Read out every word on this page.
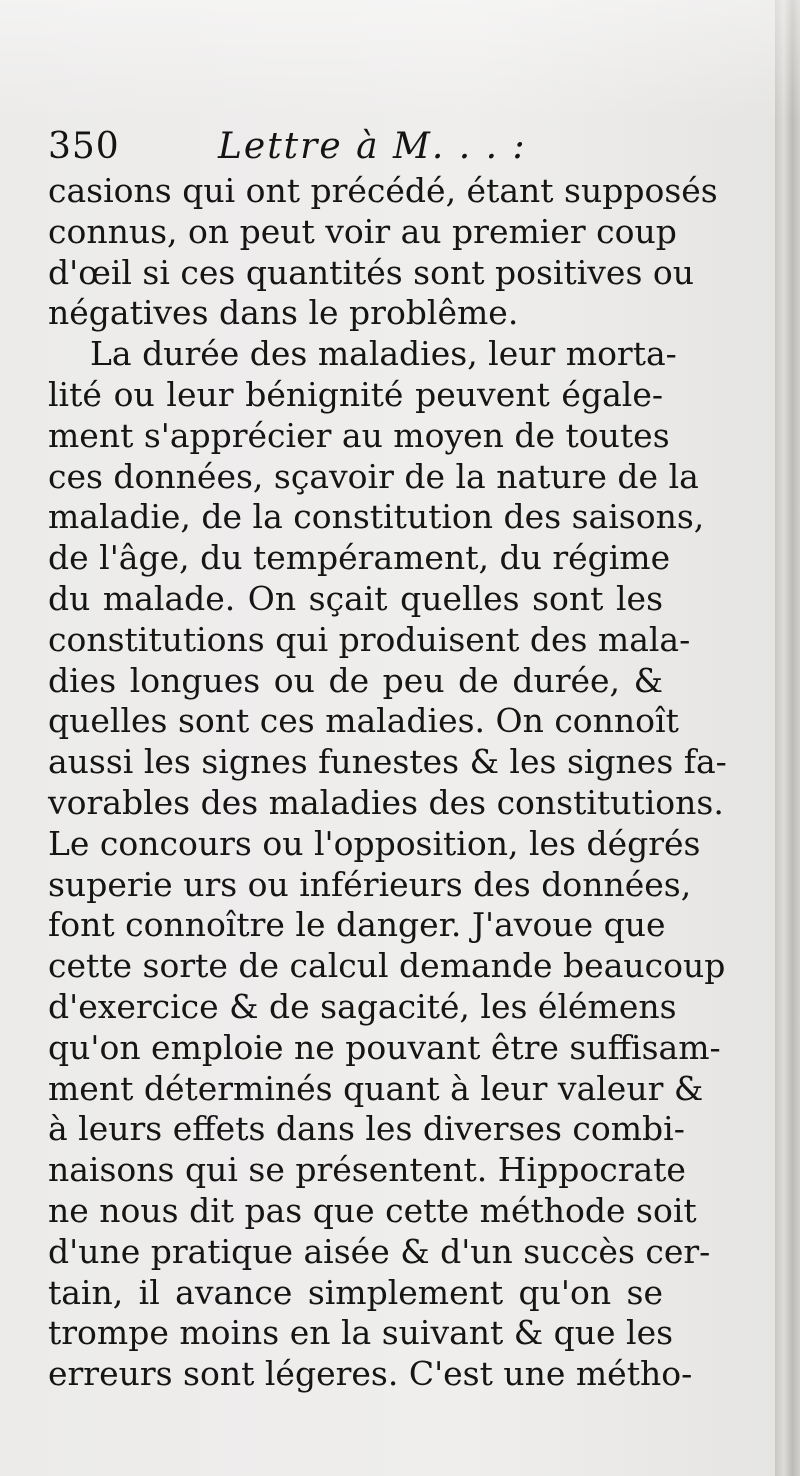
350	Lettre à M. . . :
casions qui ont précédé, étant supposés
connus, on peut voir au premier coup
d'œil si ces quantités sont positives ou
négatives dans le problême.
La durée des maladies, leur morta-
lité ou leur bénignité peuvent égale-
ment s'apprécier au moyen de toutes
ces données, sçavoir de la nature de la
maladie, de la constitution des saisons,
de l'âge, du tempérament, du régime
du malade. On sçait quelles sont les
constitutions qui produisent des mala-
dies longues ou de peu de durée, &
quelles sont ces maladies. On connoît
aussi les signes funestes & les signes fa-
vorables des maladies des constitutions.
Le concours ou l'opposition, les dégrés
superie urs ou inférieurs des données,
font connoître le danger. J'avoue que
cette sorte de calcul demande beaucoup
d'exercice & de sagacité, les élémens
qu'on emploie ne pouvant être suffisam-
ment déterminés quant à leur valeur &
à leurs effets dans les diverses combi-
naisons qui se présentent. Hippocrate
ne nous dit pas que cette méthode soit
d'une pratique aisée & d'un succès cer-
tain, il avance simplement qu'on se
trompe moins en la suivant & que les
erreurs sont légeres. C'est une métho-
